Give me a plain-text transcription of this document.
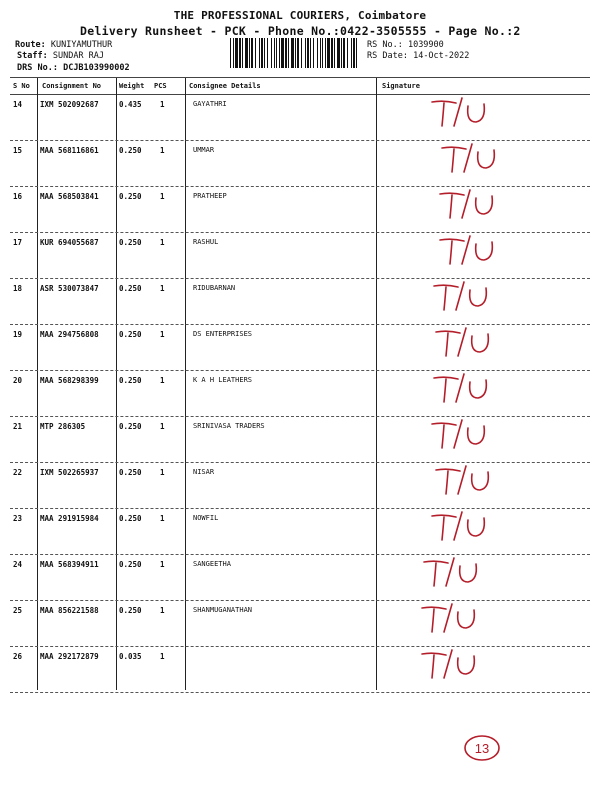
THE PROFESSIONAL COURIERS, Coimbatore
Delivery Runsheet - PCK - Phone No.:0422-3505555 - Page No.:2
Route: KUNIYAMUTHUR
Staff: SUNDAR RAJ
DRS No.: DCJB103990002
RS No.: 1039900
RS Date: 14-Oct-2022
S No Consignment No	Weight PCS	Consignee Details	Signature
14 IXM 502092687	0.435 1	GAYATHRI
15 MAA 568116861	0.250 1	UMMAR
16 MAA 568503841	0.250 1	PRATHEEP
17 KUR 694055687	0.250 1	RASHUL
18 ASR 530073847	0.250 1	RIDUBARNAN
19 MAA 294756808	0.250 1	DS ENTERPRISES
20 MAA 568298399	0.250 1	K A H LEATHERS
21 MTP 286305	0.250 1	SRINIVASA TRADERS
22 IXM 502265937	0.250 1	NISAR
23 MAA 291915984	0.250 1	NOWFIL
24 MAA 568394911	0.250 1	SANGEETHA
25 MAA 856221588	0.250 1	SHANMUGANATHAN
26 MAA 292172879	0.035 1
13
